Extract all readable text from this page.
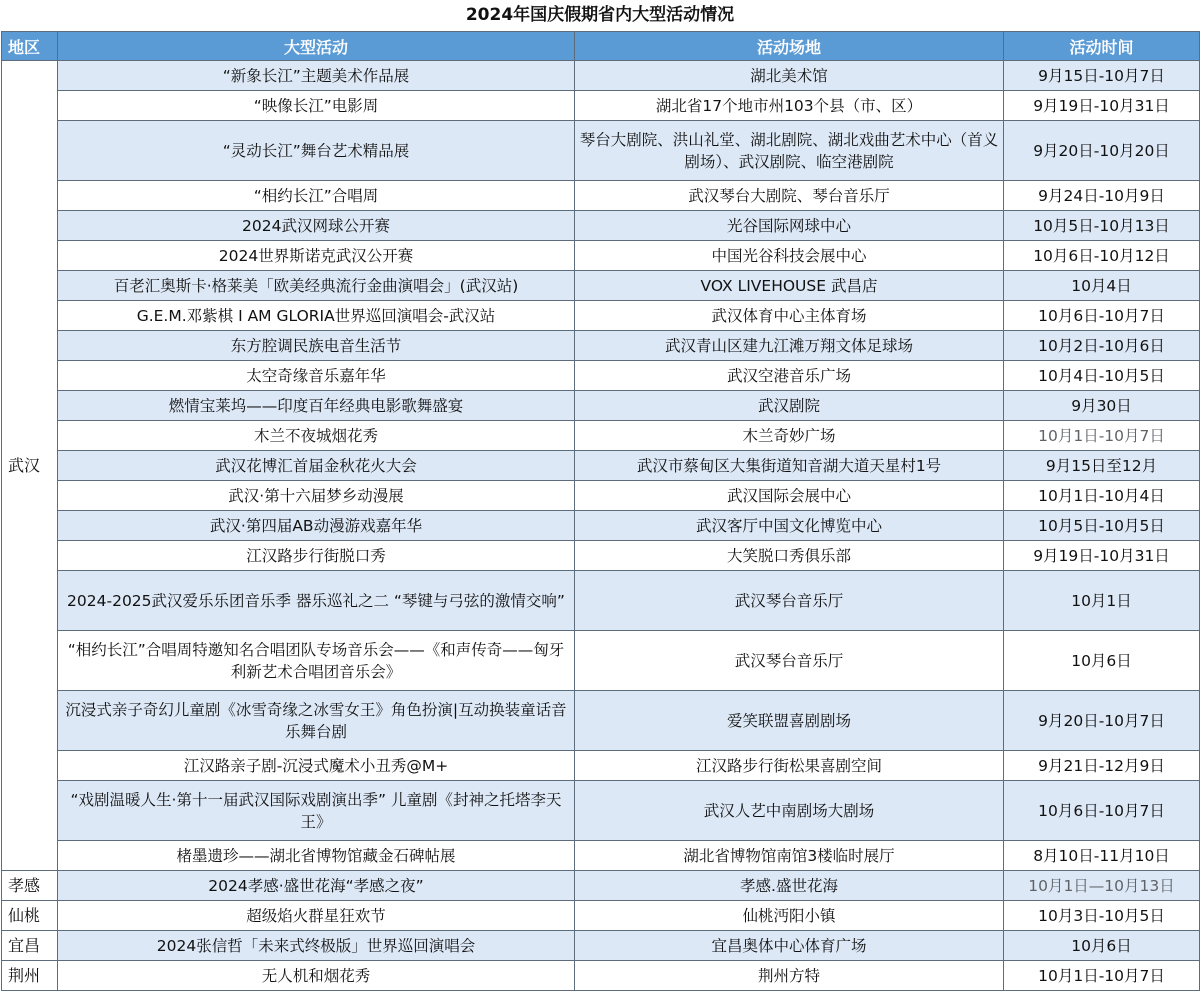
2024年国庆假期省内大型活动情况
地区	大型活动	活动场地	活动时间
武汉	“新象长江”主题美术作品展	湖北美术馆	9月15日-10月7日
	“映像长江”电影周	湖北省17个地市州103个县（市、区）	9月19日-10月31日
	“灵动长江”舞台艺术精品展	琴台大剧院、洪山礼堂、湖北剧院、湖北戏曲艺术中心（首义剧场）、武汉剧院、临空港剧院	9月20日-10月20日
	“相约长江”合唱周	武汉琴台大剧院、琴台音乐厅	9月24日-10月9日
	2024武汉网球公开赛	光谷国际网球中心	10月5日-10月13日
	2024世界斯诺克武汉公开赛	中国光谷科技会展中心	10月6日-10月12日
	百老汇奥斯卡·格莱美「欧美经典流行金曲演唱会」(武汉站)	VOX LIVEHOUSE 武昌店	10月4日
	G.E.M.邓紫棋 I AM GLORIA世界巡回演唱会-武汉站	武汉体育中心主体育场	10月6日-10月7日
	东方腔调民族电音生活节	武汉青山区建九江滩万翔文体足球场	10月2日-10月6日
	太空奇缘音乐嘉年华	武汉空港音乐广场	10月4日-10月5日
	燃情宝莱坞——印度百年经典电影歌舞盛宴	武汉剧院	9月30日
	木兰不夜城烟花秀	木兰奇妙广场	10月1日-10月7日
	武汉花博汇首届金秋花火大会	武汉市蔡甸区大集街道知音湖大道天星村1号	9月15日至12月
	武汉·第十六届梦乡动漫展	武汉国际会展中心	10月1日-10月4日
	武汉·第四届AB动漫游戏嘉年华	武汉客厅中国文化博览中心	10月5日-10月5日
	江汉路步行街脱口秀	大笑脱口秀俱乐部	9月19日-10月31日
	2024-2025武汉爱乐乐团音乐季 器乐巡礼之二 “琴键与弓弦的激情交响”	武汉琴台音乐厅	10月1日
	“相约长江”合唱周特邀知名合唱团队专场音乐会——《和声传奇——匈牙利新艺术合唱团音乐会》	武汉琴台音乐厅	10月6日
	沉浸式亲子奇幻儿童剧《冰雪奇缘之冰雪女王》角色扮演|互动换装童话音乐舞台剧	爱笑联盟喜剧剧场	9月20日-10月7日
	江汉路亲子剧-沉浸式魔术小丑秀@M+	江汉路步行街松果喜剧空间	9月21日-12月9日
	“戏剧温暖人生·第十一届武汉国际戏剧演出季” 儿童剧《封神之托塔李天王》	武汉人艺中南剧场大剧场	10月6日-10月7日
	楮墨遗珍——湖北省博物馆藏金石碑帖展	湖北省博物馆南馆3楼临时展厅	8月10日-11月10日
孝感	2024孝感·盛世花海“孝感之夜”	孝感.盛世花海	10月1日—10月13日
仙桃	超级焰火群星狂欢节	仙桃沔阳小镇	10月3日-10月5日
宜昌	2024张信哲「未来式终极版」世界巡回演唱会	宜昌奥体中心体育广场	10月6日
荆州	无人机和烟花秀	荆州方特	10月1日-10月7日
